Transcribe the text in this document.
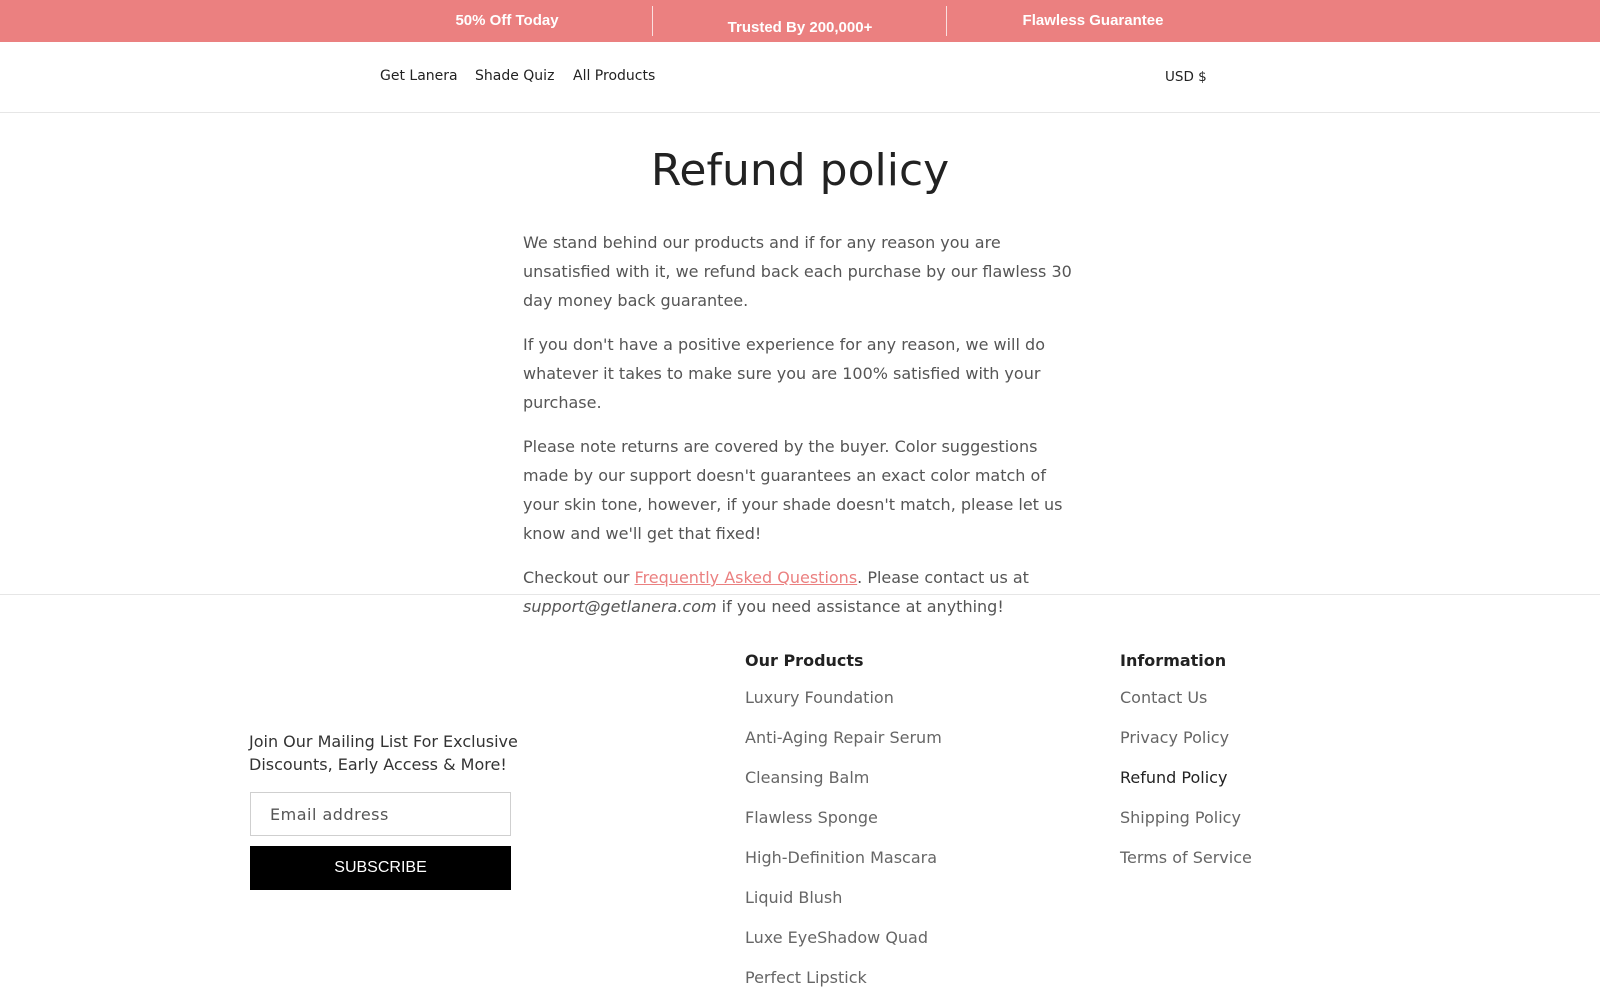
50% Off Today	Trusted By 200,000+	Flawless Guarantee
Get Lanera Shade Quiz All Products	USD $
Refund policy

We stand behind our products and if for any reason you are unsatisfied with it, we refund back each purchase by our flawless 30 day money back guarantee.

If you don't have a positive experience for any reason, we will do whatever it takes to make sure you are 100% satisfied with your purchase.

Please note returns are covered by the buyer. Color suggestions made by our support doesn't guarantees an exact color match of your skin tone, however, if your shade doesn't match, please let us know and we'll get that fixed!

Checkout our Frequently Asked Questions. Please contact us at
support@getlanera.com if you need assistance at anything!

Join Our Mailing List For Exclusive Discounts, Early Access & More!
Email address
SUBSCRIBE
Our Products
Luxury Foundation
Anti-Aging Repair Serum
Cleansing Balm
Flawless Sponge
High-Definition Mascara
Liquid Blush
Luxe EyeShadow Quad
Perfect Lipstick
Information
Contact Us
Privacy Policy
Refund Policy
Shipping Policy
Terms of Service
